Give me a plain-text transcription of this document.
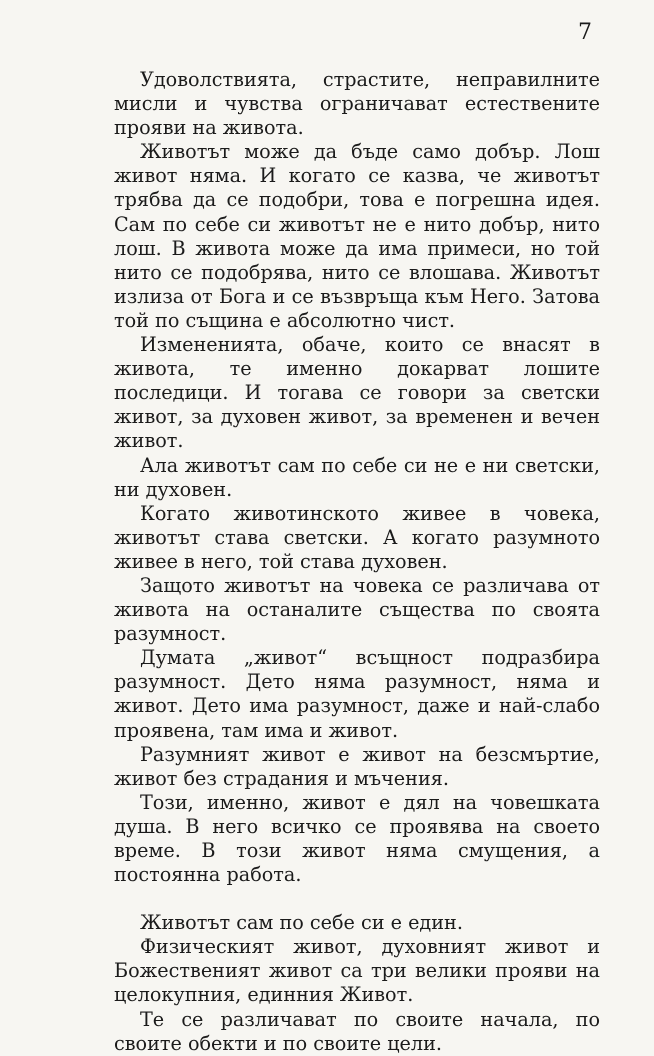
7

Удоволствията, страстите, неправилните мисли и чувства ограничават естествените прояви на живота.

Животът може да бъде само добър. Лош живот няма. И когато се казва, че животът трябва да се подобри, това е погрешна идея. Сам по себе си животът не е нито добър, нито лош. В живота може да има примеси, но той нито се подобрява, нито се влошава. Животът излиза от Бога и се възвръща към Него. Затова той по същина е абсолютно чист.

Измененията, обаче, които се внасят в живота, те именно докарват лошите последици. И тогава се говори за светски живот, за духовен живот, за временен и вечен живот.

Ала животът сам по себе си не е ни светски, ни духовен.

Когато животинското живее в човека, животът става светски. А когато разумното живее в него, той става духовен.

Защото животът на човека се различава от живота на останалите същества по своята разумност.

Думата „живот“ всъщност подразбира разумност. Дето няма разумност, няма и живот. Дето има разумност, даже и най-слабо проявена, там има и живот.

Разумният живот е живот на безсмъртие, живот без страдания и мъчения.

Този, именно, живот е дял на човешката душа. В него всичко се проявява на своето време. В този живот няма смущения, а постоянна работа.

Животът сам по себе си е един.

Физическият живот, духовният живот и Божественият живот са три велики прояви на целокупния, единния Живот.

Те се различават по своите начала, по своите обекти и по своите цели.
